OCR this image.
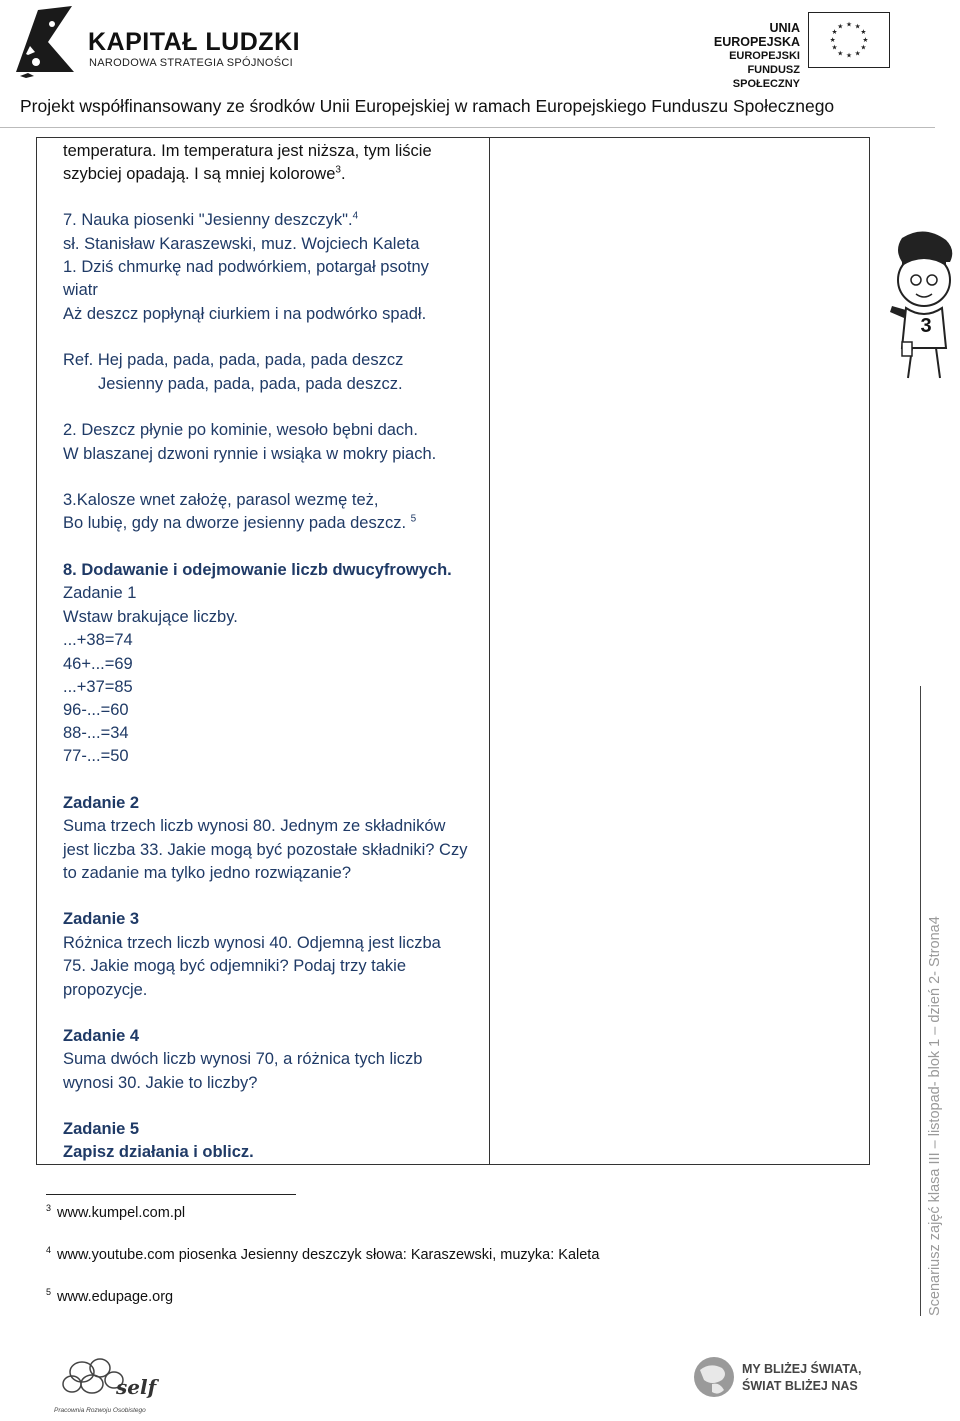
KAPITAŁ LUDZKI
NARODOWA STRATEGIA SPÓJNOŚCI
UNIA EUROPEJSKA
EUROPEJSKI
FUNDUSZ SPOŁECZNY
★ ★
★
★
★
★
★
★
★
★
★
★
Projekt współfinansowany ze środków Unii Europejskiej w ramach Europejskiego Funduszu Społecznego
temperatura. Im temperatura jest niższa, tym liście
szybciej opadają. I są mniej kolorowe$^3$.
7. Nauka piosenki "Jesienny deszczyk".$^4$
sł. Stanisław Karaszewski, muz. Wojciech Kaleta
1. Dziś chmurkę nad podwórkiem, potargał psotny
wiatr
Aż deszcz popłynął ciurkiem i na podwórko spadł.
Ref. Hej pada, pada, pada, pada, pada deszcz
Jesienny pada, pada, pada, pada deszcz.
2. Deszcz płynie po kominie, wesoło bębni dach.
W blaszanej dzwoni rynnie i wsiąka w mokry piach.
3.Kalosze wnet założę, parasol wezmę też,
Bo lubię, gdy na dworze jesienny pada deszcz. $^5$
8. Dodawanie i odejmowanie liczb dwucyfrowych.
Zadanie 1
Wstaw brakujące liczby.
...+38=74
46+...=69
...+37=85
96-...=60
88-...=34
77-...=50
Zadanie 2
Suma trzech liczb wynosi 80. Jednym ze składników
jest liczba 33. Jakie mogą być pozostałe składniki? Czy
to zadanie ma tylko jedno rozwiązanie?
Zadanie 3
Różnica trzech liczb wynosi 40. Odjemną jest liczba
75. Jakie mogą być odjemniki? Podaj trzy takie
propozycje.
Zadanie 4
Suma dwóch liczb wynosi 70, a różnica tych liczb
wynosi 30. Jakie to liczby?
Zadanie 5
Zapisz działania i oblicz.
$^3$ www.kumpel.com.pl
$^4$ www.youtube.com piosenka Jesienny deszczyk słowa: Karaszewski, muzyka: Kaleta
$^5$ www.edupage.org
3
Scenariusz zajęć klasa III – listopad- blok 1 – dzień 2- Strona4
self
Pracownia Rozwoju Osobistego
MY BLIŻEJ ŚWIATA,
ŚWIAT BLIŻEJ NAS
